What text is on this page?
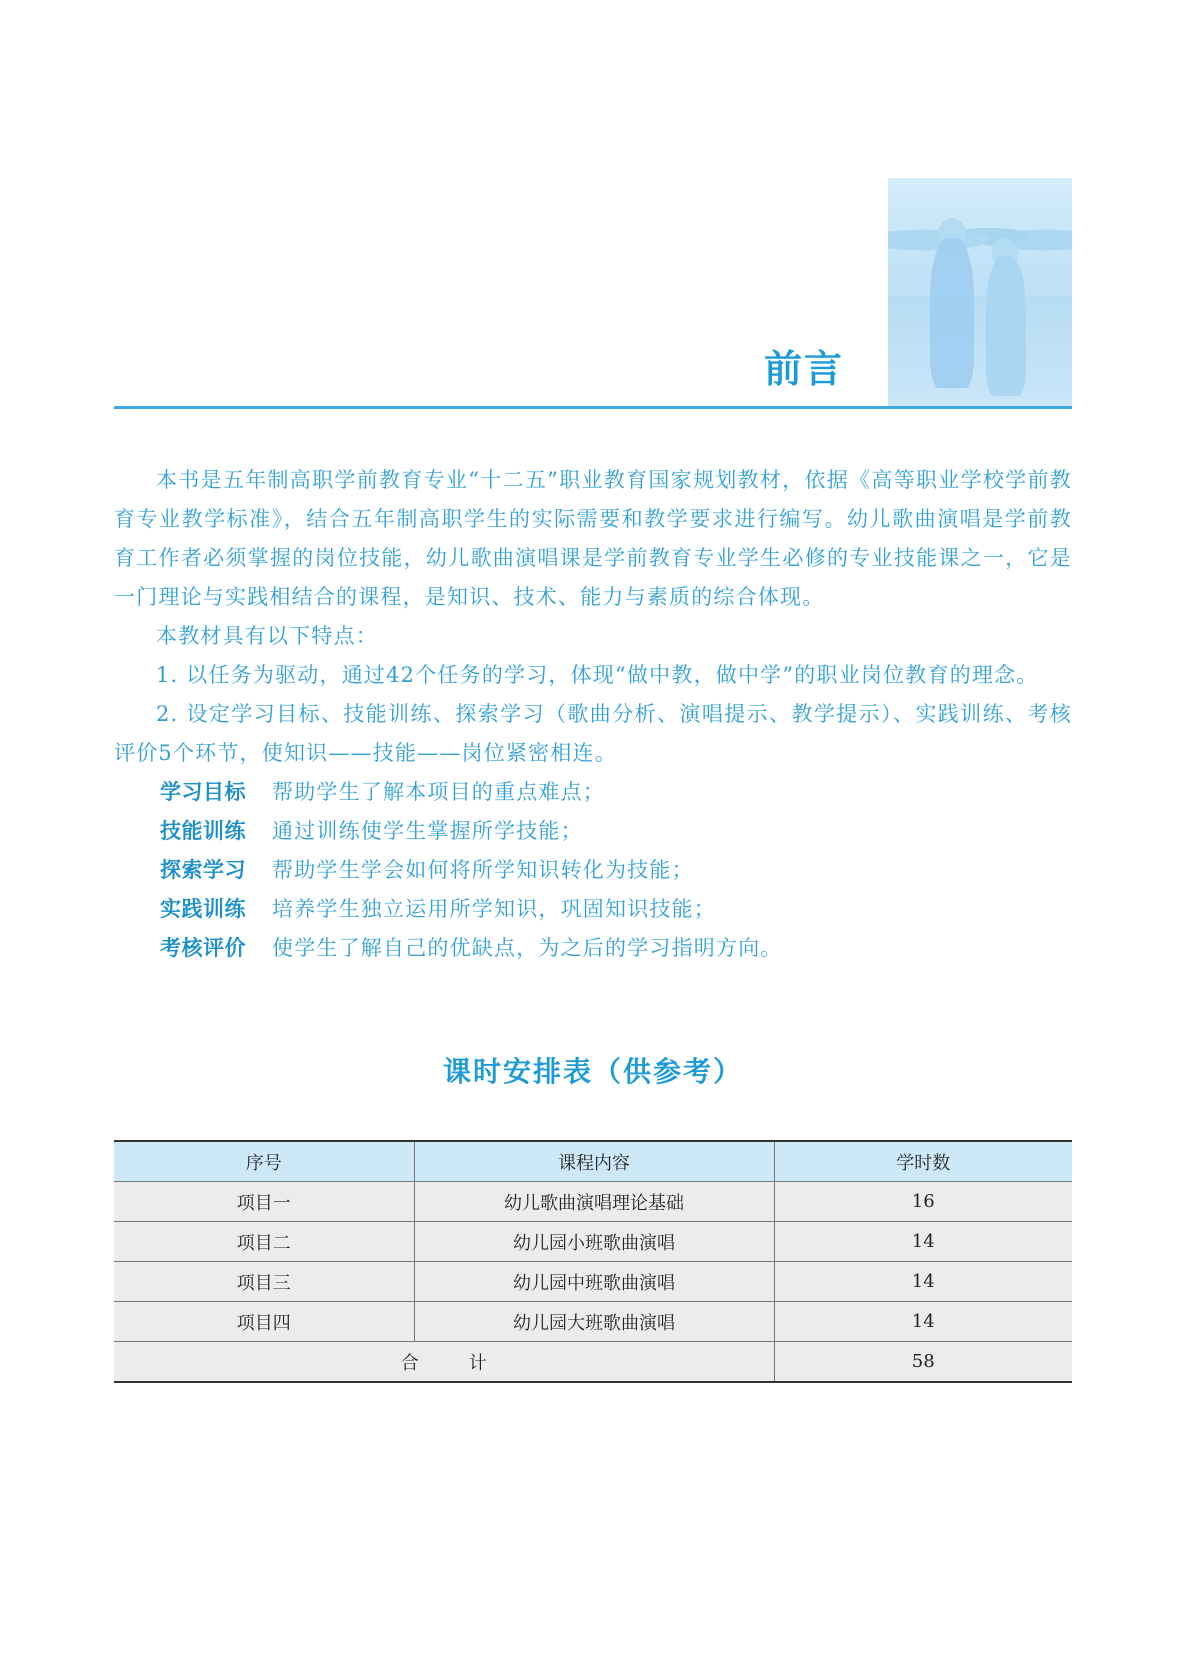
前言

本书是五年制高职学前教育专业“十二五”职业教育国家规划教材，依据《高等职业学校学前教育专业教学标准》，结合五年制高职学生的实际需要和教学要求进行编写。幼儿歌曲演唱是学前教育工作者必须掌握的岗位技能，幼儿歌曲演唱课是学前教育专业学生必修的专业技能课之一，它是一门理论与实践相结合的课程，是知识、技术、能力与素质的综合体现。

本教材具有以下特点：

1. 以任务为驱动，通过42个任务的学习，体现“做中教，做中学”的职业岗位教育的理念。

2. 设定学习目标、技能训练、探索学习（歌曲分析、演唱提示、教学提示）、实践训练、考核评价5个环节，使知识——技能——岗位紧密相连。

学习目标	帮助学生了解本项目的重点难点；
技能训练	通过训练使学生掌握所学技能；
探索学习	帮助学生学会如何将所学知识转化为技能；
实践训练	培养学生独立运用所学知识，巩固知识技能；
考核评价	使学生了解自己的优缺点，为之后的学习指明方向。
课时安排表（供参考）
序号	课程内容	学时数
项目一	幼儿歌曲演唱理论基础	16
项目二	幼儿园小班歌曲演唱	14
项目三	幼儿园中班歌曲演唱	14
项目四	幼儿园大班歌曲演唱	14
合计		58
